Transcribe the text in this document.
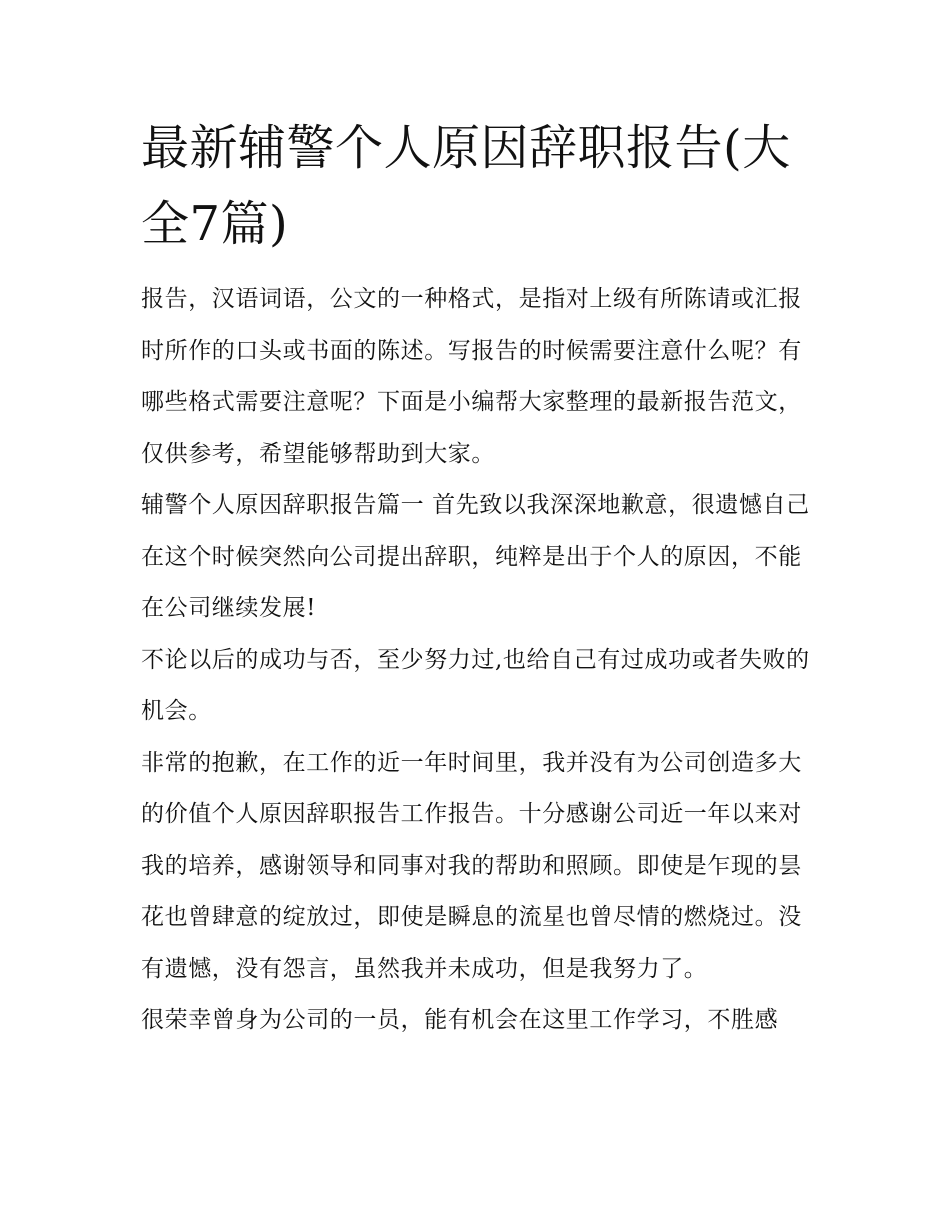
最新辅警个人原因辞职报告(大全7篇)

报告，汉语词语，公文的一种格式，是指对上级有所陈请或汇报时所作的口头或书面的陈述。写报告的时候需要注意什么呢？有哪些格式需要注意呢？下面是小编帮大家整理的最新报告范文，仅供参考，希望能够帮助到大家。

辅警个人原因辞职报告篇一 首先致以我深深地歉意，很遗憾自己在这个时候突然向公司提出辞职，纯粹是出于个人的原因，不能在公司继续发展!

不论以后的成功与否，至少努力过,也给自己有过成功或者失败的机会。

非常的抱歉，在工作的近一年时间里，我并没有为公司创造多大的价值个人原因辞职报告工作报告。十分感谢公司近一年以来对我的培养，感谢领导和同事对我的帮助和照顾。即使是乍现的昙花也曾肆意的绽放过，即使是瞬息的流星也曾尽情的燃烧过。没有遗憾，没有怨言，虽然我并未成功，但是我努力了。

很荣幸曾身为公司的一员，能有机会在这里工作学习，不胜感
